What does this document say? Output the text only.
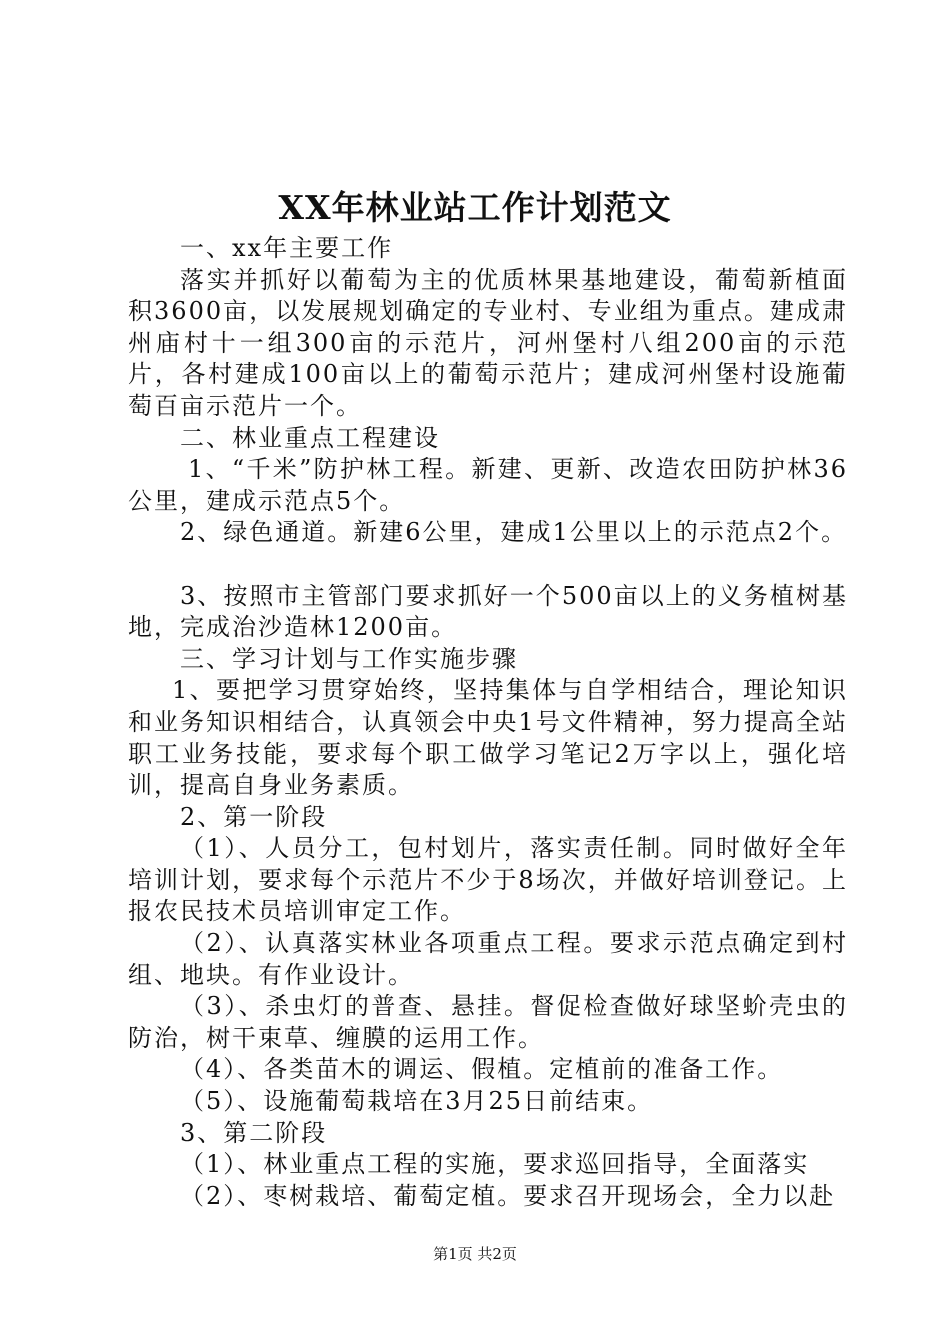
XX年林业站工作计划范文

一、xx年主要工作

落实并抓好以葡萄为主的优质林果基地建设，葡萄新植面积3600亩，以发展规划确定的专业村、专业组为重点。建成肃州庙村十一组300亩的示范片，河州堡村八组200亩的示范片，各村建成100亩以上的葡萄示范片；建成河州堡村设施葡萄百亩示范片一个。

二、林业重点工程建设

1、“千米”防护林工程。新建、更新、改造农田防护林36公里，建成示范点5个。

2、绿色通道。新建6公里，建成1公里以上的示范点2个。

3、按照市主管部门要求抓好一个500亩以上的义务植树基地，完成治沙造林1200亩。

三、学习计划与工作实施步骤

1、要把学习贯穿始终，坚持集体与自学相结合，理论知识和业务知识相结合，认真领会中央1号文件精神，努力提高全站职工业务技能，要求每个职工做学习笔记2万字以上，强化培训，提高自身业务素质。

2、第一阶段

（1）、人员分工，包村划片，落实责任制。同时做好全年培训计划，要求每个示范片不少于8场次，并做好培训登记。上报农民技术员培训审定工作。

（2）、认真落实林业各项重点工程。要求示范点确定到村组、地块。有作业设计。

（3）、杀虫灯的普查、悬挂。督促检查做好球坚蚧壳虫的防治，树干束草、缠膜的运用工作。

（4）、各类苗木的调运、假植。定植前的准备工作。

（5）、设施葡萄栽培在3月25日前结束。

3、第二阶段

（1）、林业重点工程的实施，要求巡回指导，全面落实

（2）、枣树栽培、葡萄定植。要求召开现场会，全力以赴

第1页 共2页
